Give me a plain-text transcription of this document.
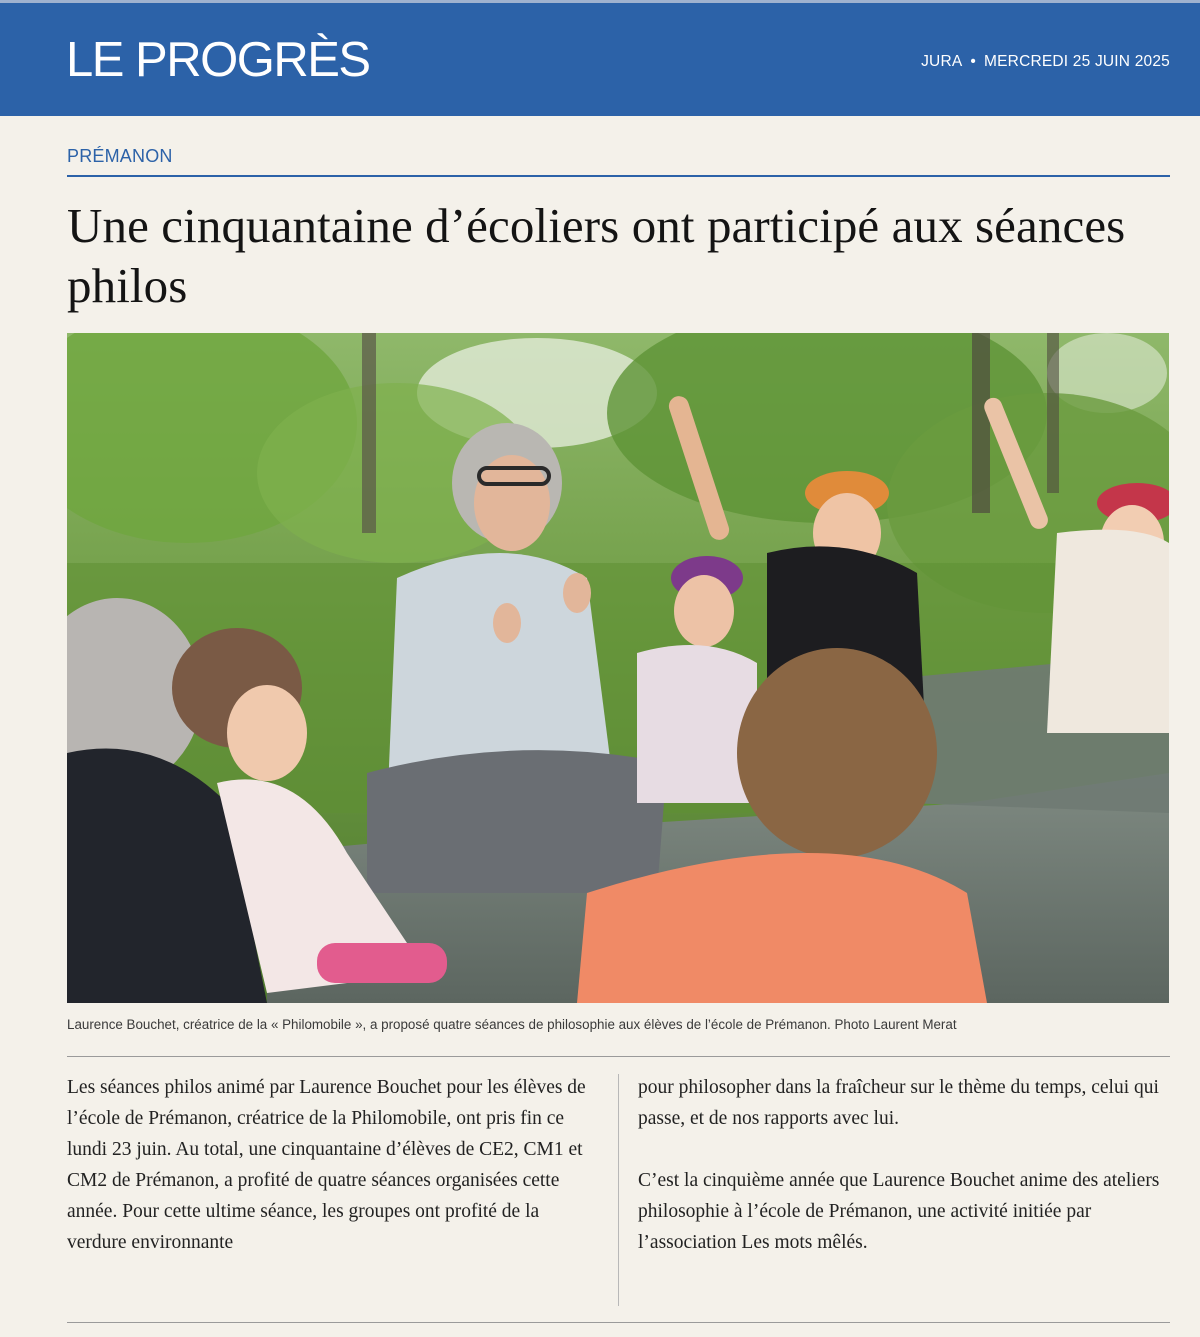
LE PROGRÈS	JURA • MERCREDI 25 JUIN 2025
PRÉMANON
Une cinquantaine d’écoliers ont participé aux séances philos
Laurence Bouchet, créatrice de la « Philomobile », a proposé quatre séances de philosophie aux élèves de l’école de Prémanon. Photo Laurent Merat

Les séances philos animé par Laurence Bouchet pour les élèves de l’école de Prémanon, créatrice de la Philomobile, ont pris fin ce lundi 23 juin. Au total, une cinquantaine d’élèves de CE2, CM1 et CM2 de Prémanon, a profité de quatre séances organisées cette année. Pour cette ultime séance, les groupes ont profité de la verdure environnante

pour philosopher dans la fraîcheur sur le thème du temps, celui qui passe, et de nos rapports avec lui.

C’est la cinquième année que Laurence Bouchet anime des ateliers philosophie à l’école de Prémanon, une activité initiée par l’association Les mots mêlés.
